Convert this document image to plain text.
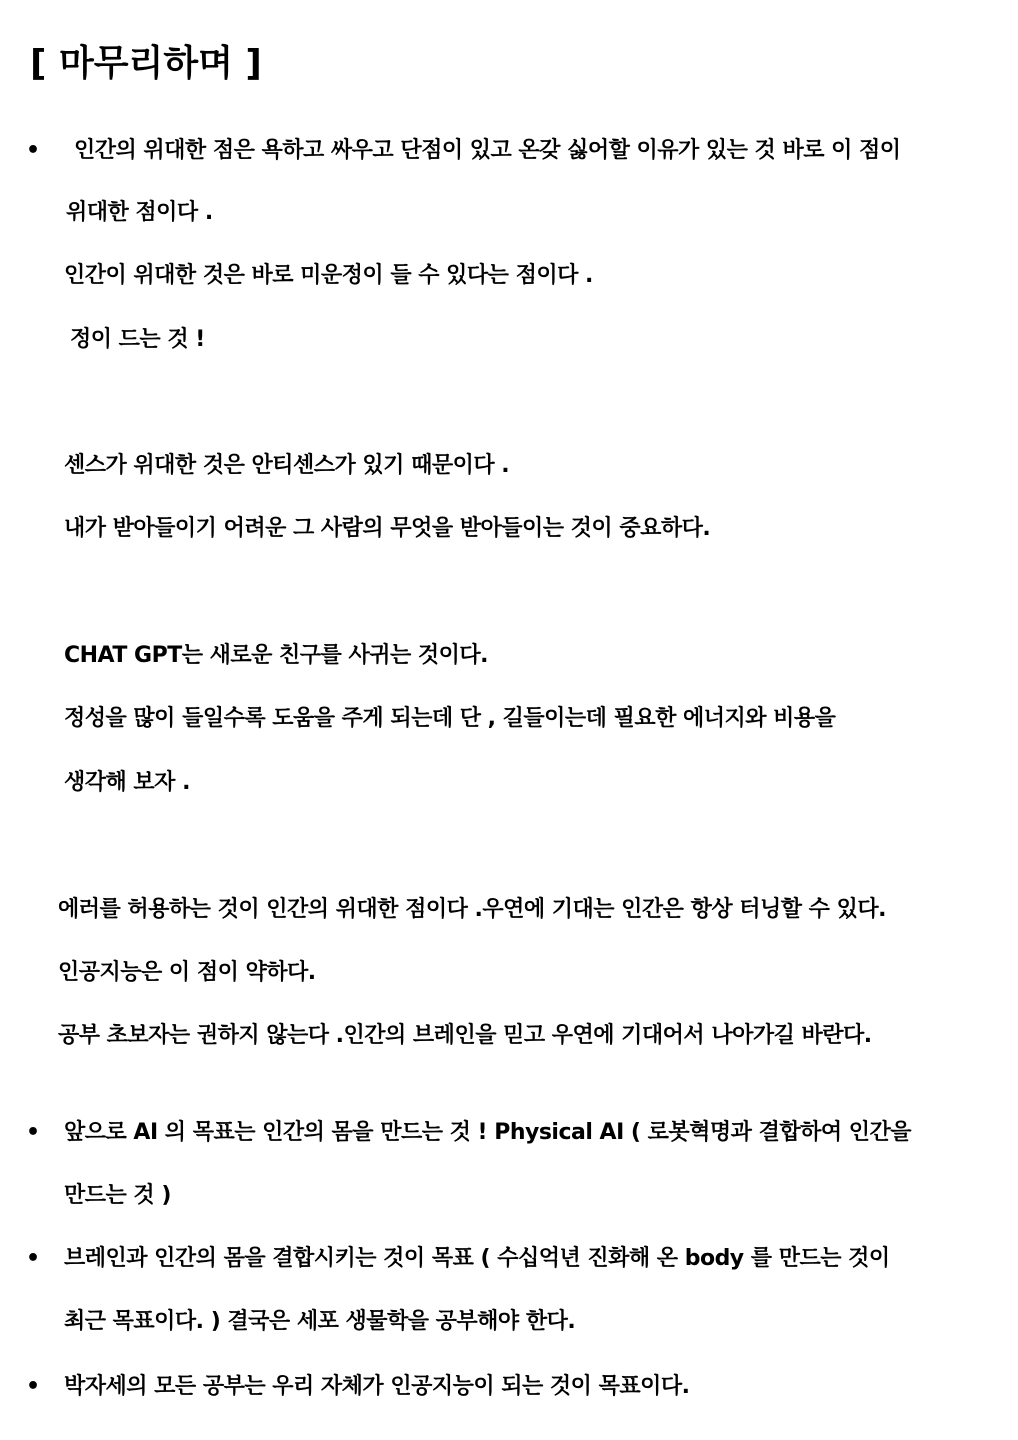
[ 마무리하며 ]
• 인간의 위대한 점은 욕하고 싸우고 단점이 있고 온갖 싫어할 이유가 있는 것 바로 이 점이
위대한 점이다 .
인간이 위대한 것은 바로 미운정이 들 수 있다는 점이다 .
정이 드는 것 !
센스가 위대한 것은 안티센스가 있기 때문이다 .
내가 받아들이기 어려운 그 사람의 무엇을 받아들이는 것이 중요하다.
CHAT GPT는 새로운 친구를 사귀는 것이다.
정성을 많이 들일수록 도움을 주게 되는데 단 , 길들이는데 필요한 에너지와 비용을
생각해 보자 .
에러를 허용하는 것이 인간의 위대한 점이다 .우연에 기대는 인간은 항상 터닝할 수 있다.
인공지능은 이 점이 약하다.
공부 초보자는 권하지 않는다 .인간의 브레인을 믿고 우연에 기대어서 나아가길 바란다.
• 앞으로 AI 의 목표는 인간의 몸을 만드는 것 ! Physical AI ( 로봇혁명과 결합하여 인간을
만드는 것 )
• 브레인과 인간의 몸을 결합시키는 것이 목표 ( 수십억년 진화해 온 body 를 만드는 것이
최근 목표이다. ) 결국은 세포 생물학을 공부해야 한다.
• 박자세의 모든 공부는 우리 자체가 인공지능이 되는 것이 목표이다.
